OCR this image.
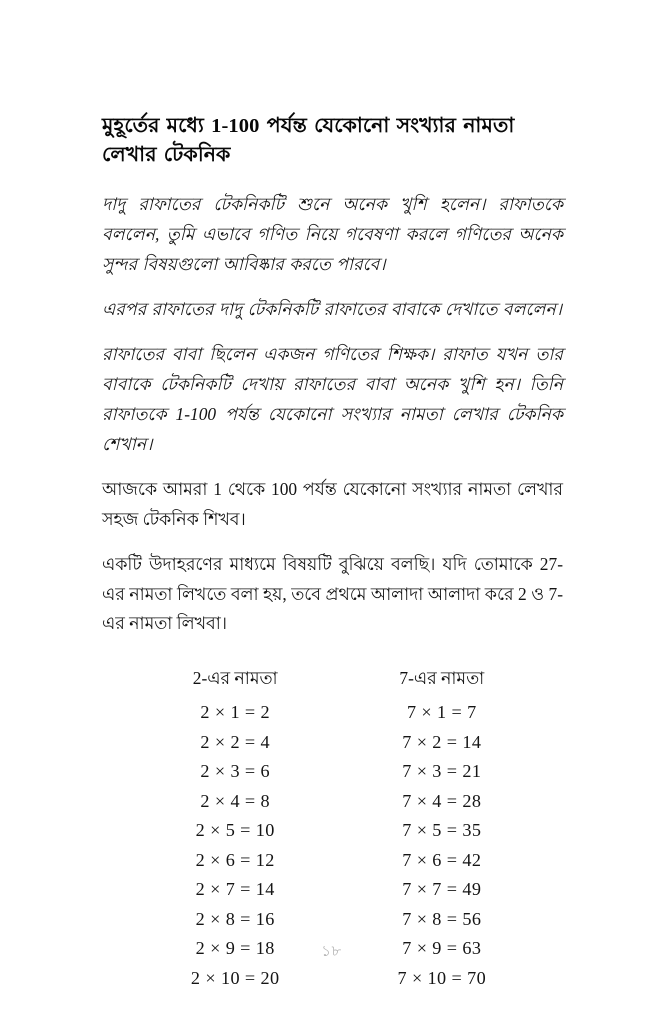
মুহূর্তের মধ্যে 1-100 পর্যন্ত যেকোনো সংখ্যার নামতা লেখার টেকনিক

দাদু রাফাতের টেকনিকটি শুনে অনেক খুশি হলেন। রাফাতকে বললেন, তুমি এভাবে গণিত নিয়ে গবেষণা করলে গণিতের অনেক সুন্দর বিষয়গুলো আবিষ্কার করতে পারবে।

এরপর রাফাতের দাদু টেকনিকটি রাফাতের বাবাকে দেখাতে বললেন।

রাফাতের বাবা ছিলেন একজন গণিতের শিক্ষক। রাফাত যখন তার বাবাকে টেকনিকটি দেখায় রাফাতের বাবা অনেক খুশি হন। তিনি রাফাতকে 1-100 পর্যন্ত যেকোনো সংখ্যার নামতা লেখার টেকনিক শেখান।

আজকে আমরা 1 থেকে 100 পর্যন্ত যেকোনো সংখ্যার নামতা লেখার সহজ টেকনিক শিখব।

একটি উদাহরণের মাধ্যমে বিষয়টি বুঝিয়ে বলছি। যদি তোমাকে 27-এর নামতা লিখতে বলা হয়, তবে প্রথমে আলাদা আলাদা করে 2 ও 7-এর নামতা লিখবা।

2-এর নামতা
2 × 1 = 2
2 × 2 = 4
2 × 3 = 6
2 × 4 = 8
2 × 5 = 10
2 × 6 = 12
2 × 7 = 14
2 × 8 = 16
2 × 9 = 18
2 × 10 = 20
7-এর নামতা
7 × 1 = 7
7 × 2 = 14
7 × 3 = 21
7 × 4 = 28
7 × 5 = 35
7 × 6 = 42
7 × 7 = 49
7 × 8 = 56
7 × 9 = 63
7 × 10 = 70
১৮
